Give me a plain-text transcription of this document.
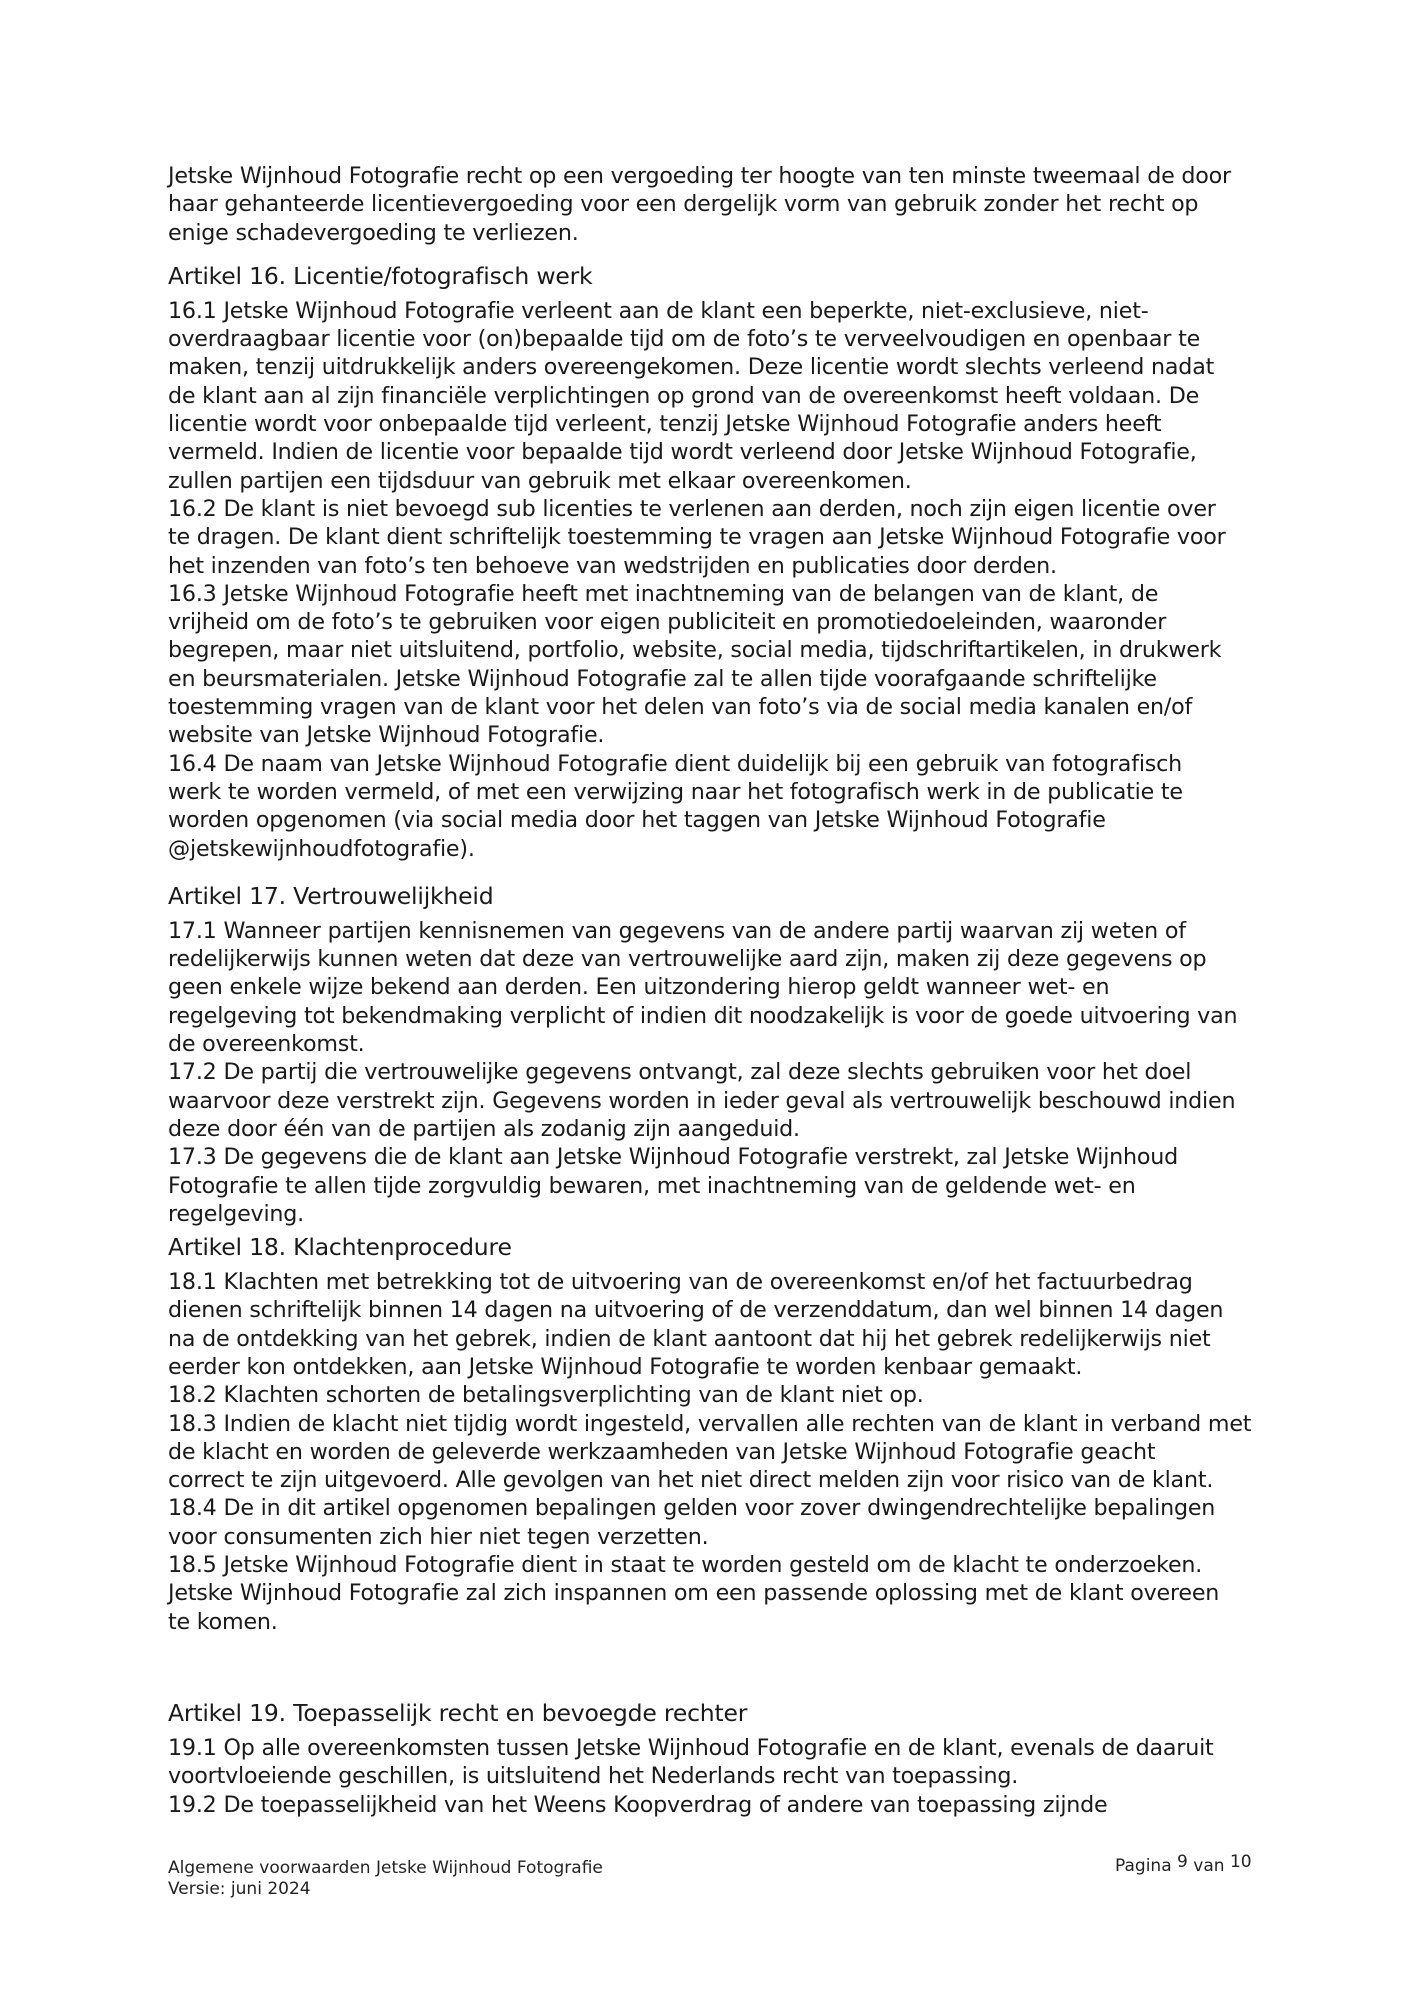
Jetske Wijnhoud Fotografie recht op een vergoeding ter hoogte van ten minste tweemaal de door
haar gehanteerde licentievergoeding voor een dergelijk vorm van gebruik zonder het recht op
enige schadevergoeding te verliezen.

Artikel 16. Licentie/fotografisch werk

16.1 Jetske Wijnhoud Fotografie verleent aan de klant een beperkte, niet-exclusieve, niet-
overdraagbaar licentie voor (on)bepaalde tijd om de foto’s te verveelvoudigen en openbaar te
maken, tenzij uitdrukkelijk anders overeengekomen. Deze licentie wordt slechts verleend nadat
de klant aan al zijn financiële verplichtingen op grond van de overeenkomst heeft voldaan. De
licentie wordt voor onbepaalde tijd verleent, tenzij Jetske Wijnhoud Fotografie anders heeft
vermeld. Indien de licentie voor bepaalde tijd wordt verleend door Jetske Wijnhoud Fotografie,
zullen partijen een tijdsduur van gebruik met elkaar overeenkomen.
16.2 De klant is niet bevoegd sub licenties te verlenen aan derden, noch zijn eigen licentie over
te dragen. De klant dient schriftelijk toestemming te vragen aan Jetske Wijnhoud Fotografie voor
het inzenden van foto’s ten behoeve van wedstrijden en publicaties door derden.
16.3 Jetske Wijnhoud Fotografie heeft met inachtneming van de belangen van de klant, de
vrijheid om de foto’s te gebruiken voor eigen publiciteit en promotiedoeleinden, waaronder
begrepen, maar niet uitsluitend, portfolio, website, social media, tijdschriftartikelen, in drukwerk
en beursmaterialen. Jetske Wijnhoud Fotografie zal te allen tijde voorafgaande schriftelijke
toestemming vragen van de klant voor het delen van foto’s via de social media kanalen en/of
website van Jetske Wijnhoud Fotografie.
16.4 De naam van Jetske Wijnhoud Fotografie dient duidelijk bij een gebruik van fotografisch
werk te worden vermeld, of met een verwijzing naar het fotografisch werk in de publicatie te
worden opgenomen (via social media door het taggen van Jetske Wijnhoud Fotografie
@jetskewijnhoudfotografie).

Artikel 17. Vertrouwelijkheid

17.1 Wanneer partijen kennisnemen van gegevens van de andere partij waarvan zij weten of
redelijkerwijs kunnen weten dat deze van vertrouwelijke aard zijn, maken zij deze gegevens op
geen enkele wijze bekend aan derden. Een uitzondering hierop geldt wanneer wet- en
regelgeving tot bekendmaking verplicht of indien dit noodzakelijk is voor de goede uitvoering van
de overeenkomst.
17.2 De partij die vertrouwelijke gegevens ontvangt, zal deze slechts gebruiken voor het doel
waarvoor deze verstrekt zijn. Gegevens worden in ieder geval als vertrouwelijk beschouwd indien
deze door één van de partijen als zodanig zijn aangeduid.
17.3 De gegevens die de klant aan Jetske Wijnhoud Fotografie verstrekt, zal Jetske Wijnhoud
Fotografie te allen tijde zorgvuldig bewaren, met inachtneming van de geldende wet- en
regelgeving.

Artikel 18. Klachtenprocedure

18.1 Klachten met betrekking tot de uitvoering van de overeenkomst en/of het factuurbedrag
dienen schriftelijk binnen 14 dagen na uitvoering of de verzenddatum, dan wel binnen 14 dagen
na de ontdekking van het gebrek, indien de klant aantoont dat hij het gebrek redelijkerwijs niet
eerder kon ontdekken, aan Jetske Wijnhoud Fotografie te worden kenbaar gemaakt.
18.2 Klachten schorten de betalingsverplichting van de klant niet op.
18.3 Indien de klacht niet tijdig wordt ingesteld, vervallen alle rechten van de klant in verband met
de klacht en worden de geleverde werkzaamheden van Jetske Wijnhoud Fotografie geacht
correct te zijn uitgevoerd. Alle gevolgen van het niet direct melden zijn voor risico van de klant.
18.4 De in dit artikel opgenomen bepalingen gelden voor zover dwingendrechtelijke bepalingen
voor consumenten zich hier niet tegen verzetten.
18.5 Jetske Wijnhoud Fotografie dient in staat te worden gesteld om de klacht te onderzoeken.
Jetske Wijnhoud Fotografie zal zich inspannen om een passende oplossing met de klant overeen
te komen.

Artikel 19. Toepasselijk recht en bevoegde rechter

19.1 Op alle overeenkomsten tussen Jetske Wijnhoud Fotografie en de klant, evenals de daaruit
voortvloeiende geschillen, is uitsluitend het Nederlands recht van toepassing.
19.2 De toepasselijkheid van het Weens Koopverdrag of andere van toepassing zijnde

Pagina 9 van 10
Algemene voorwaarden Jetske Wijnhoud Fotografie
Versie: juni 2024
